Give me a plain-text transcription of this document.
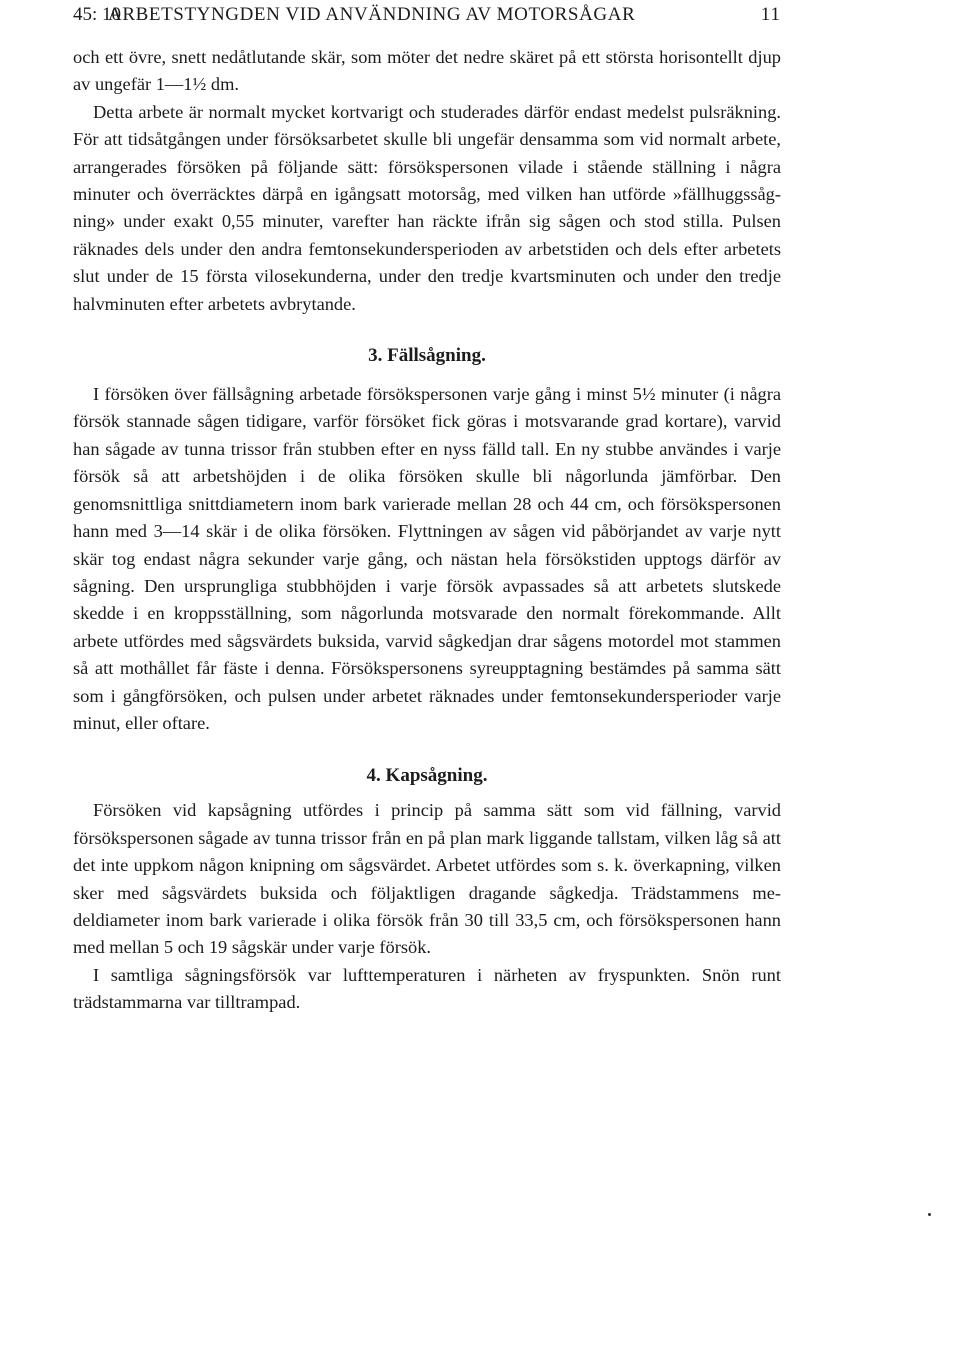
45: 10
ARBETSTYNGDEN VID ANVÄNDNING AV MOTORSÅGAR	11

och ett övre, snett nedåtlutande skär, som möter det nedre skäret på ett största horisontellt djup av ungefär 1—1½ dm.

Detta arbete är normalt mycket kortvarigt och studerades därför endast medelst pulsräkning. För att tidsåtgången under försöksarbetet skulle bli ungefär densamma som vid normalt arbete, arrangerades försöken på följande sätt: försökspersonen vilade i stående ställning i några minuter och överräcktes därpå en igångsatt motorsåg, med vilken han utförde »fällhuggssågning» under exakt 0,55 minuter, varefter han räckte ifrån sig sågen och stod stilla. Pulsen räknades dels under den andra femtonsekundersperioden av arbetstiden och dels efter arbetets slut under de 15 första vilosekunderna, under den tredje kvartsminuten och under den tredje halvminuten efter arbetets avbrytande.

3. Fällsågning.

I försöken över fällsågning arbetade försökspersonen varje gång i minst 5½ minuter (i några försök stannade sågen tidigare, varför försöket fick göras i motsvarande grad kortare), varvid han sågade av tunna trissor från stubben efter en nyss fälld tall. En ny stubbe användes i varje försök så att arbetshöjden i de olika försöken skulle bli någorlunda jämförbar. Den genomsnittliga snittdiametern inom bark varierade mellan 28 och 44 cm, och försökspersonen hann med 3—14 skär i de olika försöken. Flyttningen av sågen vid påbörjandet av varje nytt skär tog endast några sekunder varje gång, och nästan hela försökstiden upptogs därför av sågning. Den ursprungliga stubbhöjden i varje försök avpassades så att arbetets slutskede skedde i en kroppsställning, som någorlunda motsvarade den normalt förekommande. Allt arbete utfördes med sågsvärdets buksida, varvid sågkedjan drar sågens motordel mot stammen så att mothållet får fäste i denna. Försökspersonens syreupptagning bestämdes på samma sätt som i gångförsöken, och pulsen under arbetet räknades under femtonsekundersperioder varje minut, eller oftare.

4. Kapsågning.

Försöken vid kapsågning utfördes i princip på samma sätt som vid fällning, varvid försökspersonen sågade av tunna trissor från en på plan mark liggande tallstam, vilken låg så att det inte uppkom någon knipning om sågsvärdet. Arbetet utfördes som s. k. överkapning, vilken sker med sågsvärdets buksida och följaktligen dragande sågkedja. Trädstammens medeldiameter inom bark varierade i olika försök från 30 till 33,5 cm, och försökspersonen hann med mellan 5 och 19 sågskär under varje försök.

I samtliga sågningsförsök var lufttemperaturen i närheten av fryspunkten. Snön runt trädstammarna var tilltrampad.
